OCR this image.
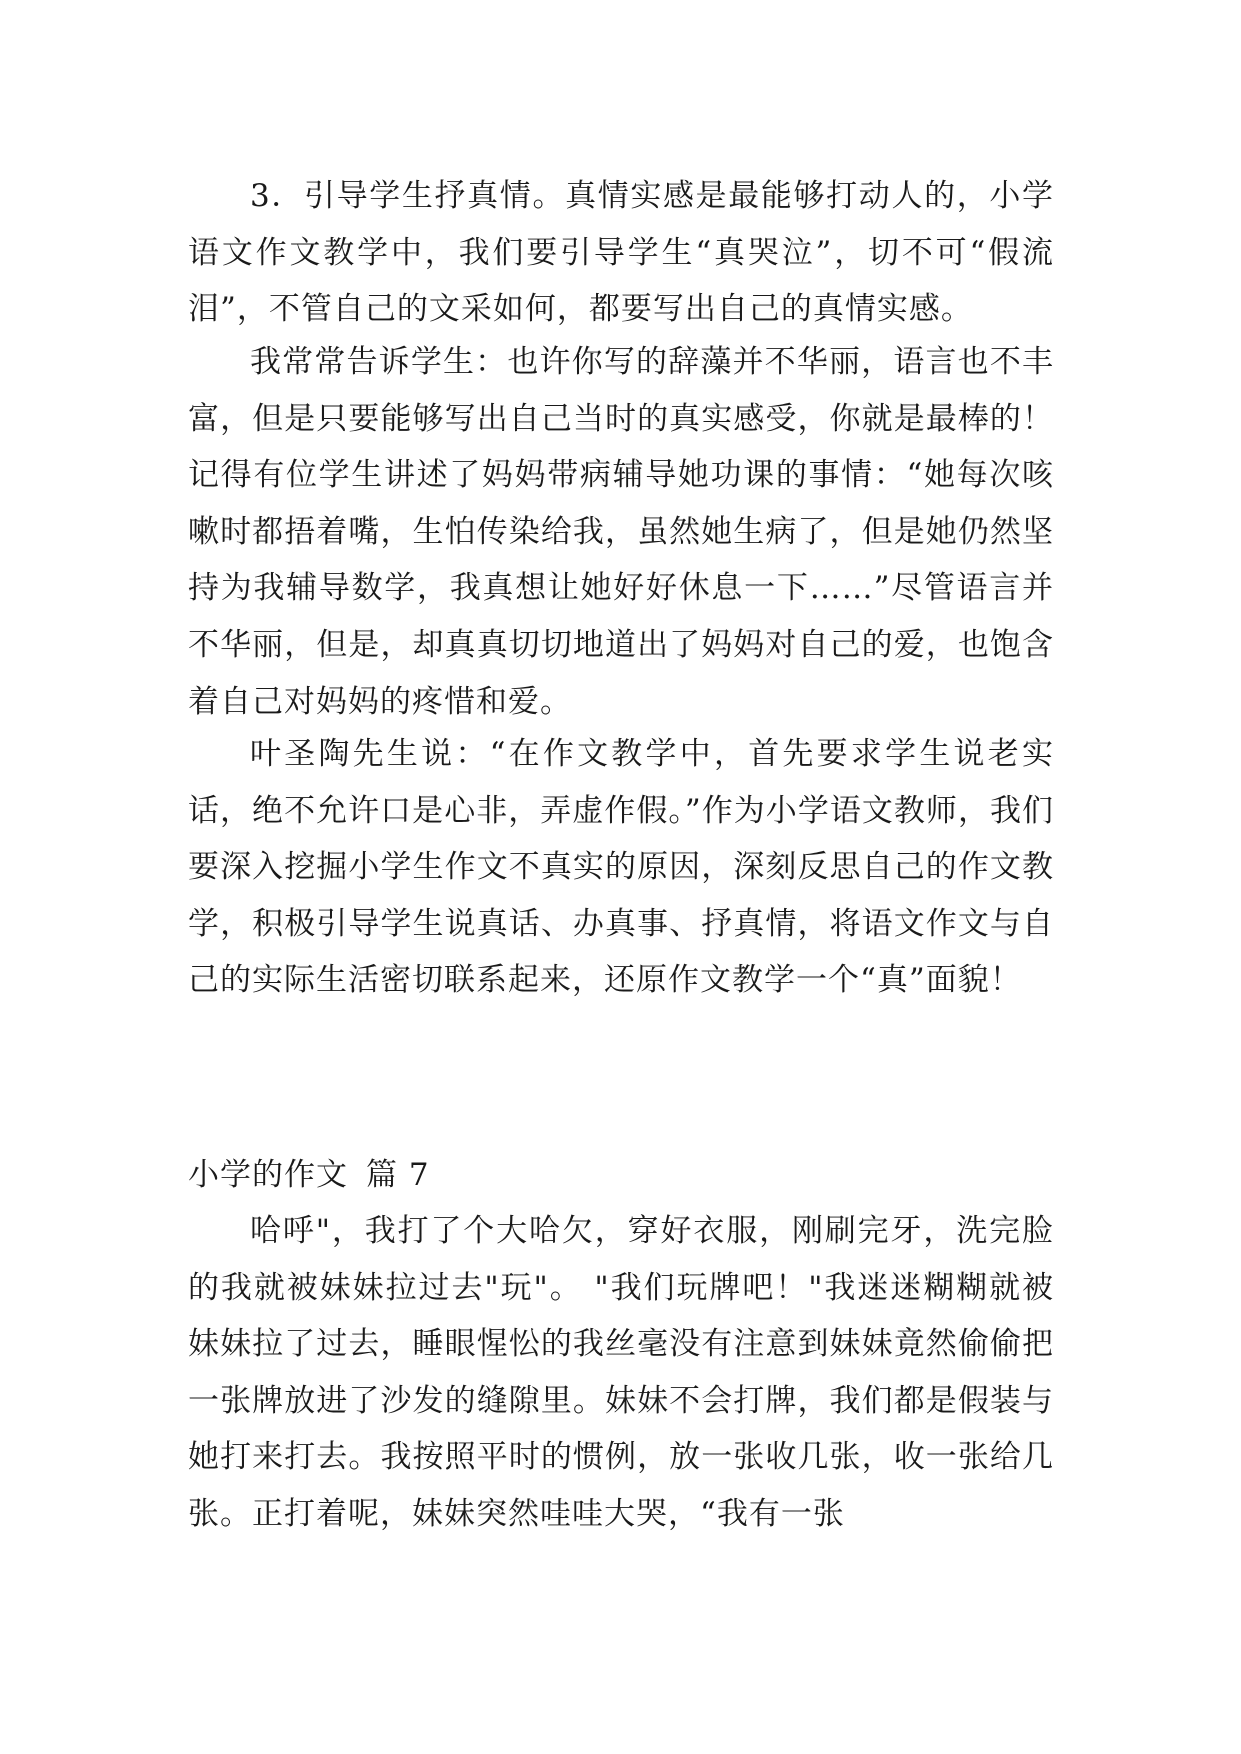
3．引导学生抒真情。真情实感是最能够打动人的，小学语文作文教学中，我们要引导学生“真哭泣”，切不可“假流泪”，不管自己的文采如何，都要写出自己的真情实感。

我常常告诉学生：也许你写的辞藻并不华丽，语言也不丰富，但是只要能够写出自己当时的真实感受，你就是最棒的！记得有位学生讲述了妈妈带病辅导她功课的事情：“她每次咳嗽时都捂着嘴，生怕传染给我，虽然她生病了，但是她仍然坚持为我辅导数学，我真想让她好好休息一下……”尽管语言并不华丽，但是，却真真切切地道出了妈妈对自己的爱，也饱含着自己对妈妈的疼惜和爱。

叶圣陶先生说：“在作文教学中，首先要求学生说老实话，绝不允许口是心非，弄虚作假。”作为小学语文教师，我们要深入挖掘小学生作文不真实的原因，深刻反思自己的作文教学，积极引导学生说真话、办真事、抒真情，将语文作文与自己的实际生活密切联系起来，还原作文教学一个“真”面貌！

小学的作文 篇 7

哈呼"，我打了个大哈欠，穿好衣服，刚刷完牙，洗完脸的我就被妹妹拉过去"玩"。 "我们玩牌吧！"我迷迷糊糊就被妹妹拉了过去，睡眼惺忪的我丝毫没有注意到妹妹竟然偷偷把一张牌放进了沙发的缝隙里。妹妹不会打牌，我们都是假装与她打来打去。我按照平时的惯例，放一张收几张，收一张给几张。正打着呢，妹妹突然哇哇大哭，“我有一张
